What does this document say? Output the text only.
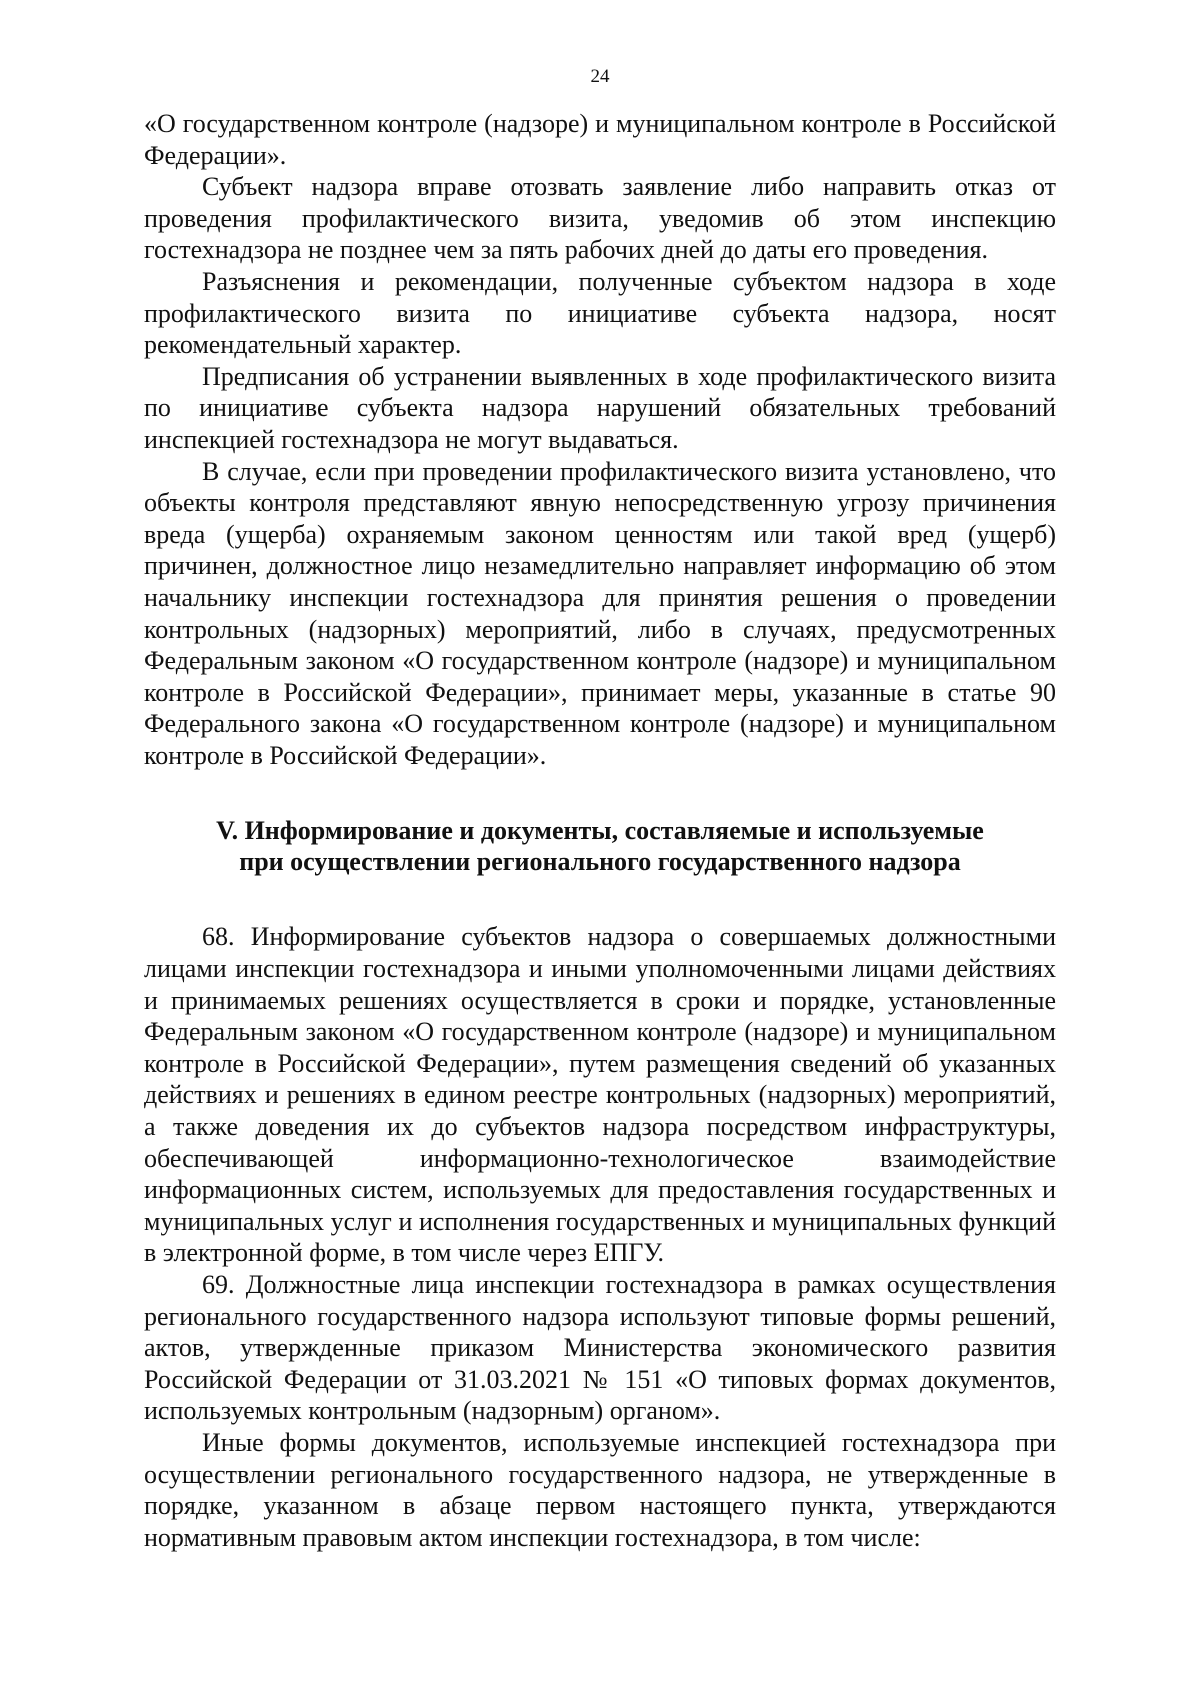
24

«О государственном контроле (надзоре) и муниципальном контроле в Российской Федерации».

Субъект надзора вправе отозвать заявление либо направить отказ от проведения профилактического визита, уведомив об этом инспекцию гостехнадзора не позднее чем за пять рабочих дней до даты его проведения.

Разъяснения и рекомендации, полученные субъектом надзора в ходе профилактического визита по инициативе субъекта надзора, носят рекомендательный характер.

Предписания об устранении выявленных в ходе профилактического визита по инициативе субъекта надзора нарушений обязательных требований инспекцией гостехнадзора не могут выдаваться.

В случае, если при проведении профилактического визита установлено, что объекты контроля представляют явную непосредственную угрозу причинения вреда (ущерба) охраняемым законом ценностям или такой вред (ущерб) причинен, должностное лицо незамедлительно направляет информацию об этом начальнику инспекции гостехнадзора для принятия решения о проведении контрольных (надзорных) мероприятий, либо в случаях, предусмотренных Федеральным законом «О государственном контроле (надзоре) и муниципальном контроле в Российской Федерации», принимает меры, указанные в статье 90 Федерального закона «О государственном контроле (надзоре) и муниципальном контроле в Российской Федерации».

V. Информирование и документы, составляемые и используемые
при осуществлении регионального государственного надзора

68. Информирование субъектов надзора о совершаемых должностными лицами инспекции гостехнадзора и иными уполномоченными лицами действиях и принимаемых решениях осуществляется в сроки и порядке, установленные Федеральным законом «О государственном контроле (надзоре) и муниципальном контроле в Российской Федерации», путем размещения сведений об указанных действиях и решениях в едином реестре контрольных (надзорных) мероприятий, а также доведения их до субъектов надзора посредством инфраструктуры, обеспечивающей информационно-технологическое взаимодействие информационных систем, используемых для предоставления государственных и муниципальных услуг и исполнения государственных и муниципальных функций в электронной форме, в том числе через ЕПГУ.

69. Должностные лица инспекции гостехнадзора в рамках осуществления регионального государственного надзора используют типовые формы решений, актов, утвержденные приказом Министерства экономического развития Российской Федерации от 31.03.2021 № 151 «О типовых формах документов, используемых контрольным (надзорным) органом».

Иные формы документов, используемые инспекцией гостехнадзора при осуществлении регионального государственного надзора, не утвержденные в порядке, указанном в абзаце первом настоящего пункта, утверждаются нормативным правовым актом инспекции гостехнадзора, в том числе:
